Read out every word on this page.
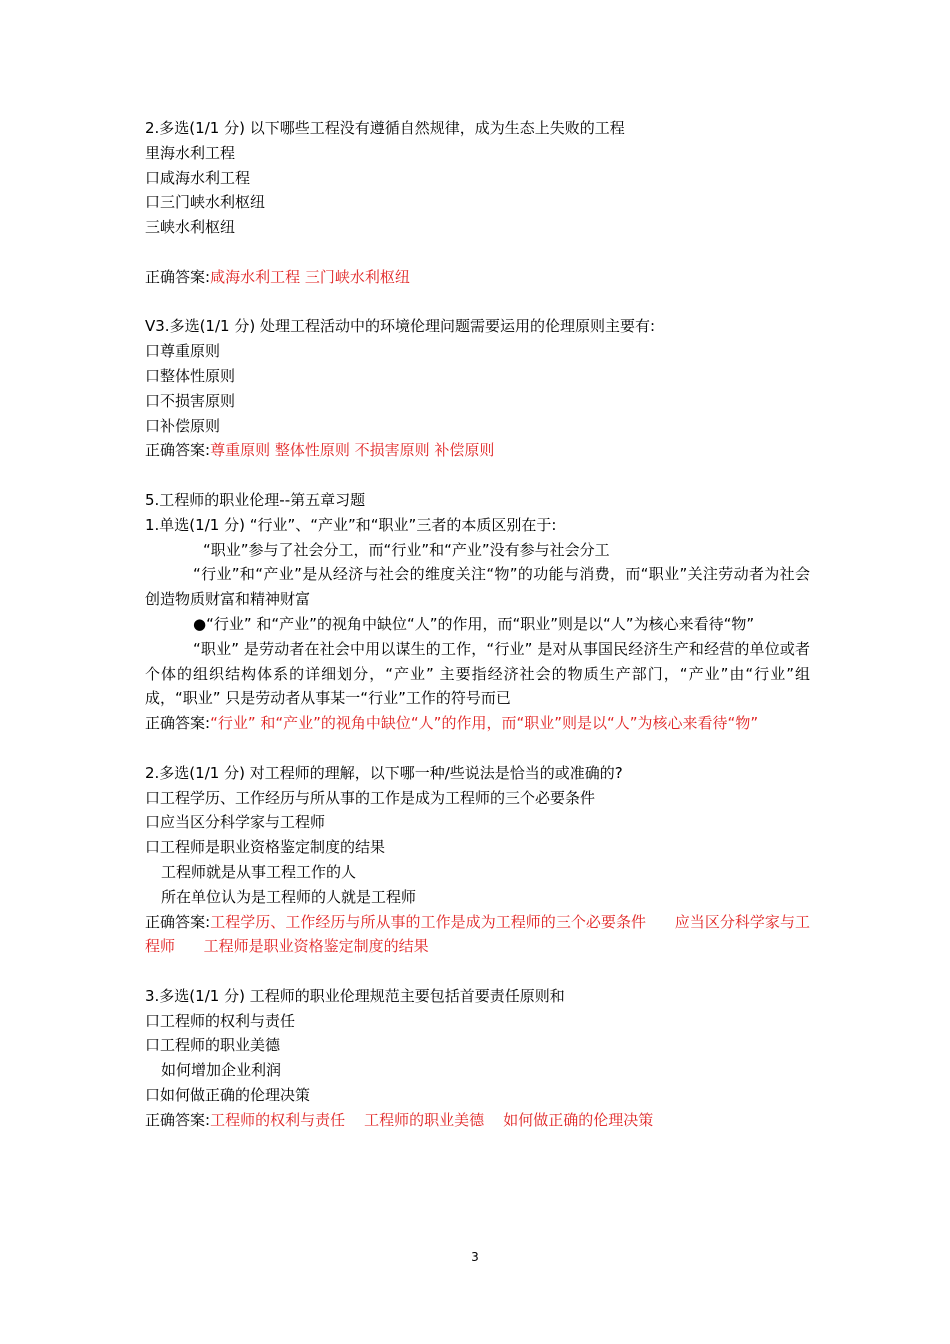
2.多选(1/1 分) 以下哪些工程没有遵循自然规律，成为生态上失败的工程
里海水利工程
口咸海水利工程
口三门峡水利枢纽
三峡水利枢纽
正确答案:咸海水利工程 三门峡水利枢纽
V3.多选(1/1 分) 处理工程活动中的环境伦理问题需要运用的伦理原则主要有:
口尊重原则
口整体性原则
口不损害原则
口补偿原则
正确答案:尊重原则 整体性原则 不损害原则 补偿原则
5.工程师的职业伦理--第五章习题
1.单选(1/1 分) “行业”、“产业”和“职业”三者的本质区别在于:
“职业”参与了社会分工，而“行业”和“产业”没有参与社会分工
“行业”和“产业”是从经济与社会的维度关注“物”的功能与消费，而“职业”关注劳动者为社会创造物质财富和精神财富
●“行业” 和“产业”的视角中缺位“人”的作用，而“职业”则是以“人”为核心来看待“物”
“职业” 是劳动者在社会中用以谋生的工作，“行业” 是对从事国民经济生产和经营的单位或者个体的组织结构体系的详细划分，“产业” 主要指经济社会的物质生产部门，“产业”由“行业”组成，“职业” 只是劳动者从事某一“行业”工作的符号而已
正确答案:“行业” 和“产业”的视角中缺位“人”的作用，而“职业”则是以“人”为核心来看待“物”
2.多选(1/1 分) 对工程师的理解，以下哪一种/些说法是恰当的或准确的?
口工程学历、工作经历与所从事的工作是成为工程师的三个必要条件
口应当区分科学家与工程师
口工程师是职业资格鉴定制度的结果
工程师就是从事工程工作的人
所在单位认为是工程师的人就是工程师
正确答案:工程学历、工作经历与所从事的工作是成为工程师的三个必要条件      应当区分科学家与工程师      工程师是职业资格鉴定制度的结果
3.多选(1/1 分) 工程师的职业伦理规范主要包括首要责任原则和
口工程师的权利与责任
口工程师的职业美德
如何增加企业利润
口如何做正确的伦理决策
正确答案:工程师的权利与责任    工程师的职业美德    如何做正确的伦理决策
3
